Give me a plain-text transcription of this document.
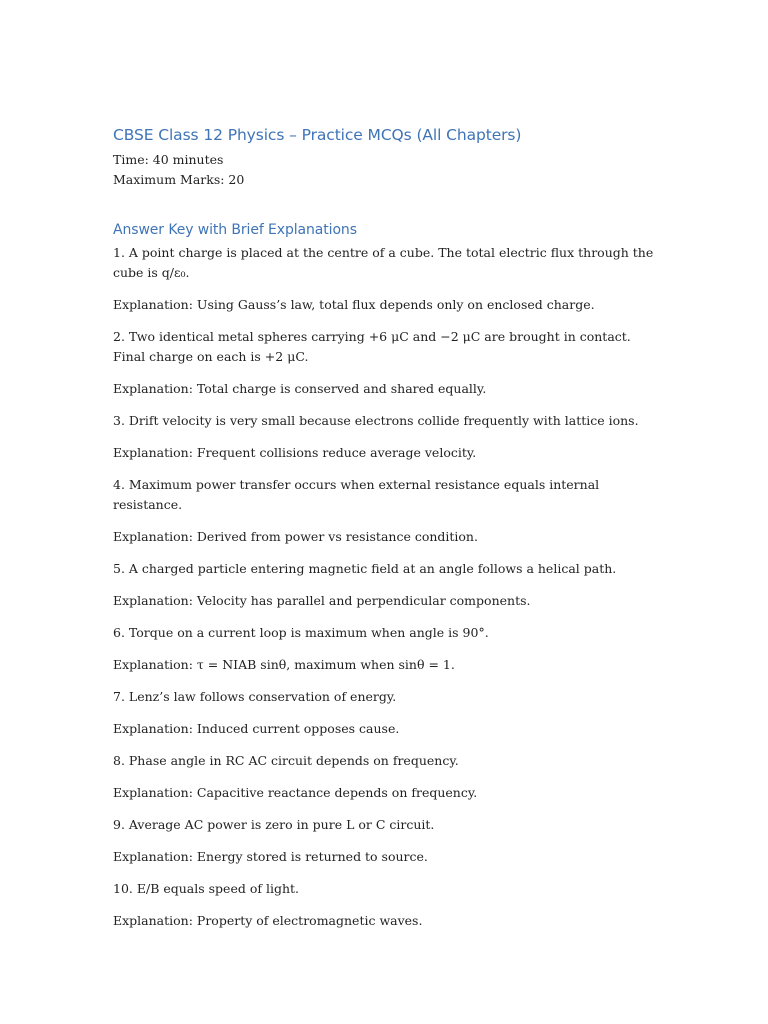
CBSE Class 12 Physics – Practice MCQs (All Chapters)

Time: 40 minutes

Maximum Marks: 20

Answer Key with Brief Explanations

1. A point charge is placed at the centre of a cube. The total electric flux through the cube is q/ε₀.

Explanation: Using Gauss’s law, total flux depends only on enclosed charge.

2. Two identical metal spheres carrying +6 μC and −2 μC are brought in contact. Final charge on each is +2 μC.

Explanation: Total charge is conserved and shared equally.

3. Drift velocity is very small because electrons collide frequently with lattice ions.

Explanation: Frequent collisions reduce average velocity.

4. Maximum power transfer occurs when external resistance equals internal resistance.

Explanation: Derived from power vs resistance condition.

5. A charged particle entering magnetic field at an angle follows a helical path.

Explanation: Velocity has parallel and perpendicular components.

6. Torque on a current loop is maximum when angle is 90°.

Explanation: τ = NIAB sinθ, maximum when sinθ = 1.

7. Lenz’s law follows conservation of energy.

Explanation: Induced current opposes cause.

8. Phase angle in RC AC circuit depends on frequency.

Explanation: Capacitive reactance depends on frequency.

9. Average AC power is zero in pure L or C circuit.

Explanation: Energy stored is returned to source.

10. E/B equals speed of light.

Explanation: Property of electromagnetic waves.
